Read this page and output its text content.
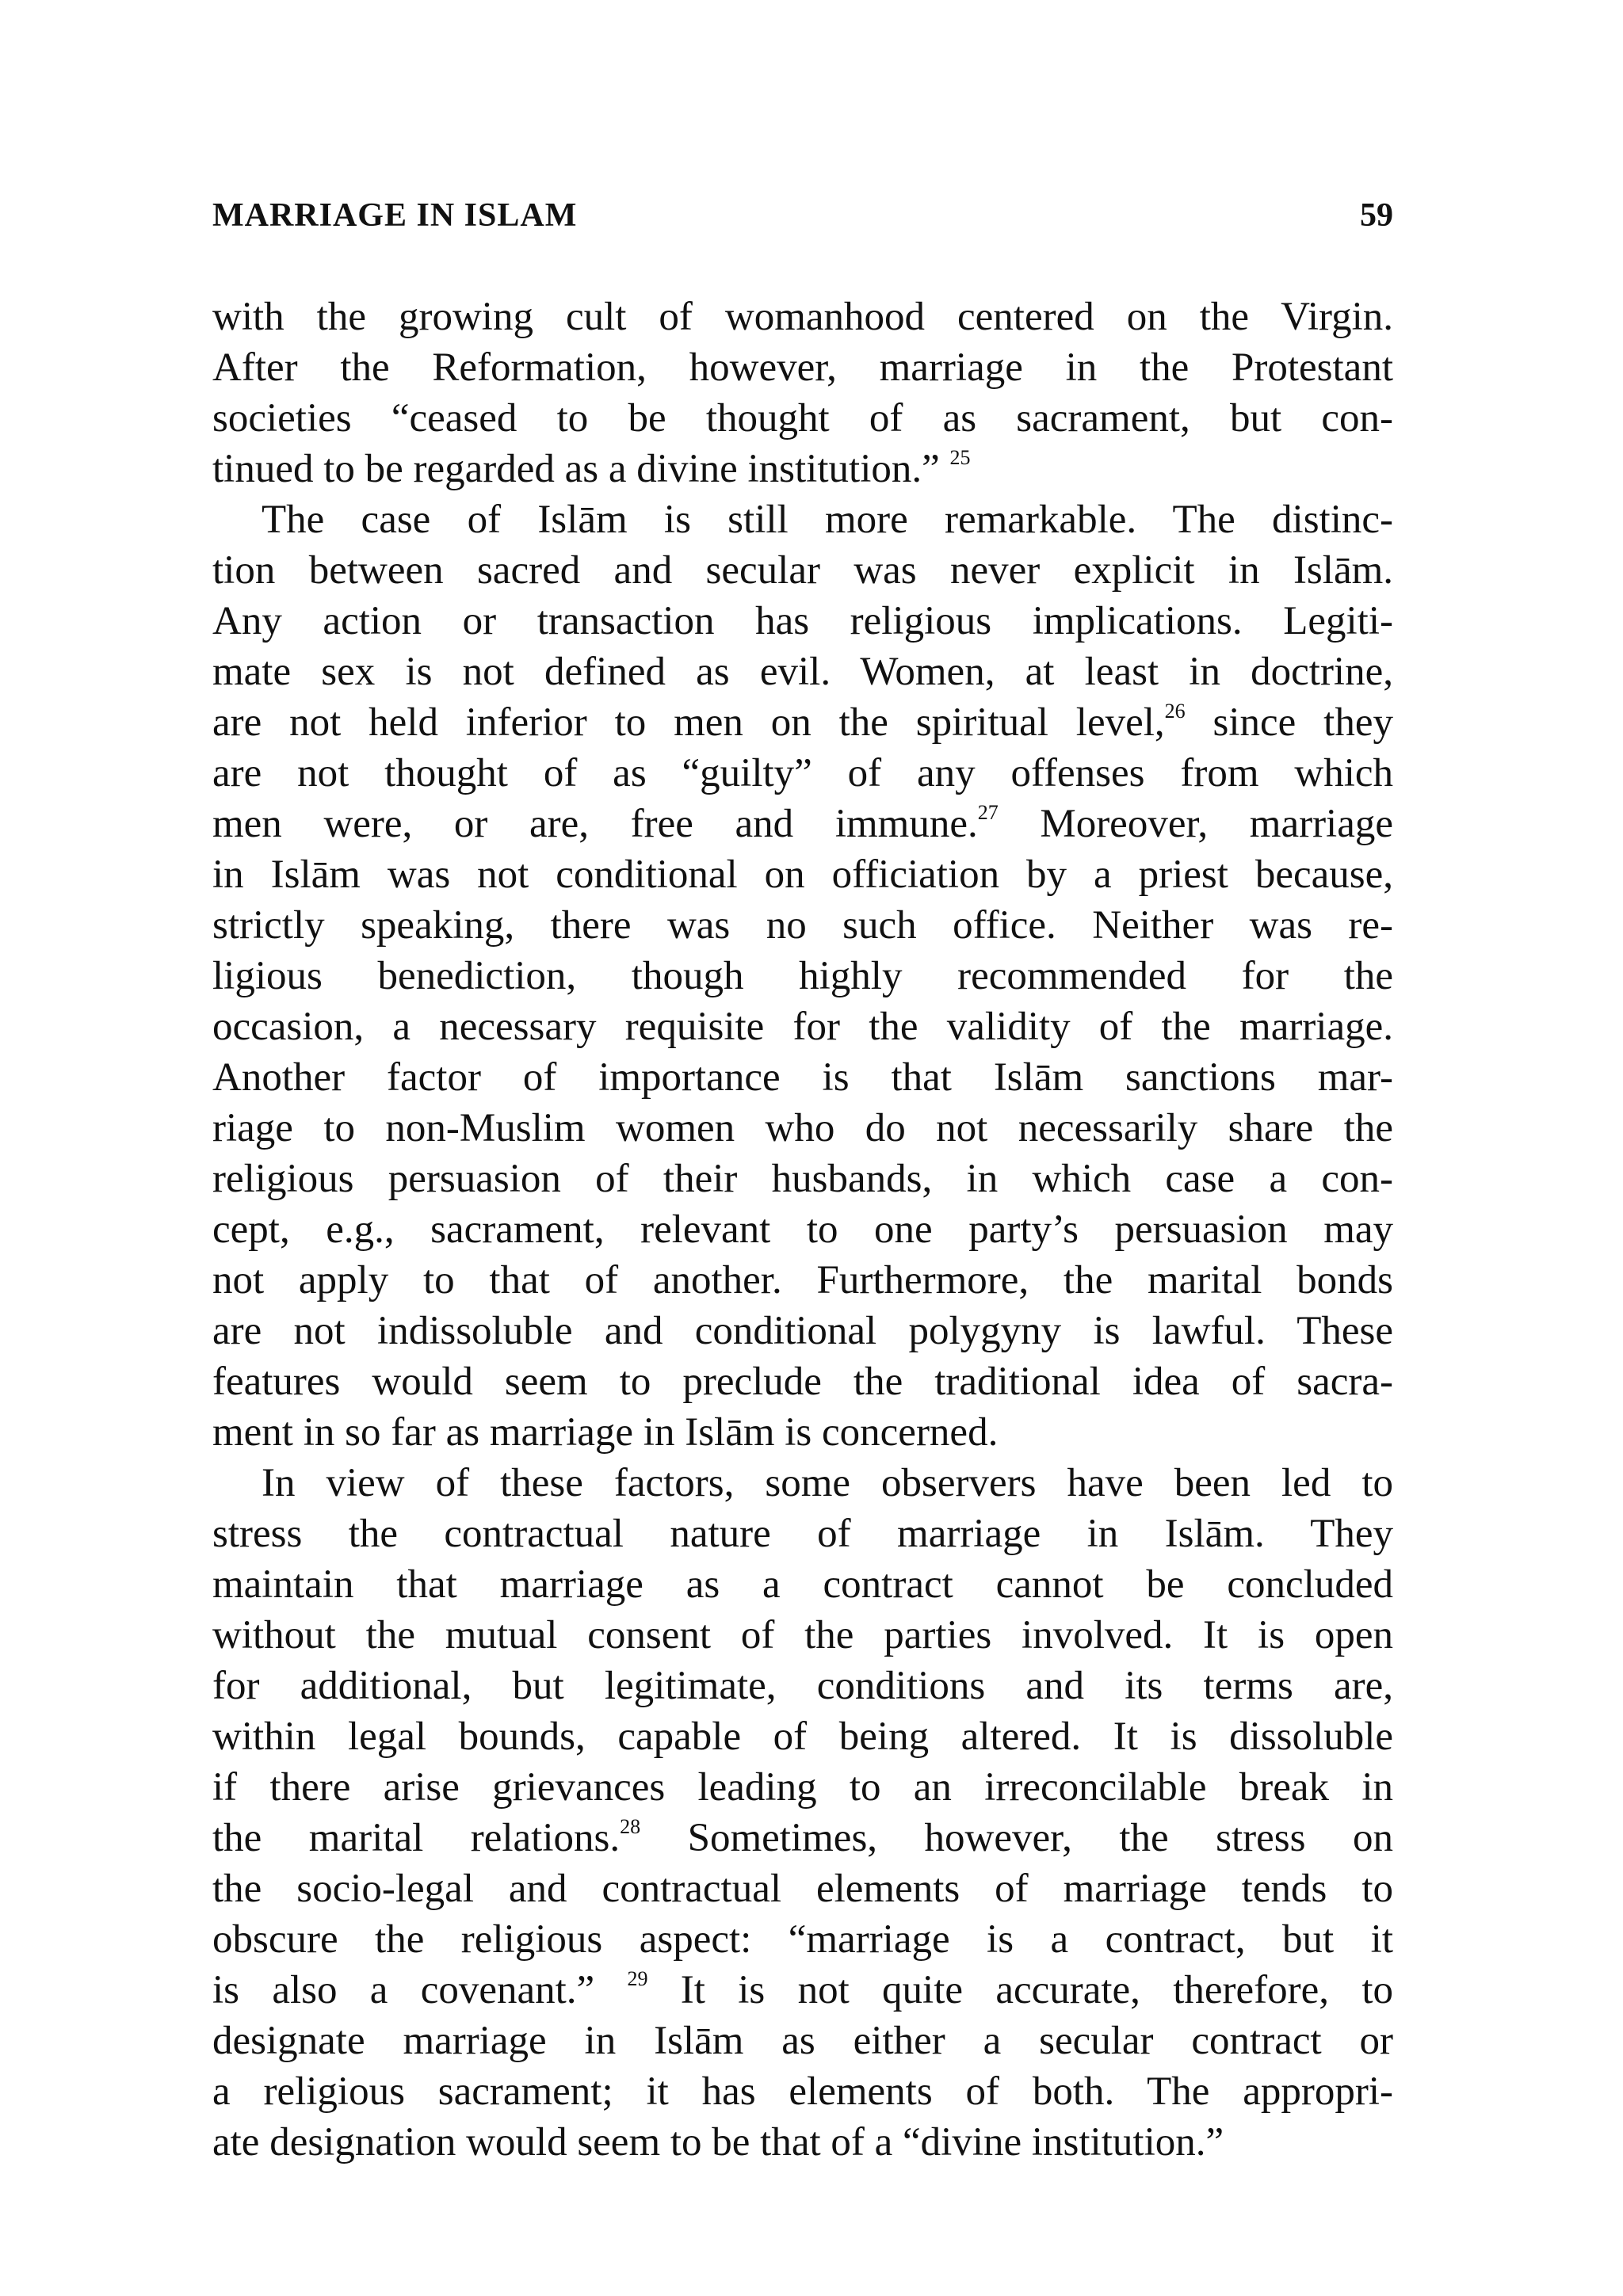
MARRIAGE IN ISLAM	59
with the growing cult of womanhood centered on the Virgin.
After the Reformation, however, marriage in the Protestant
societies “ceased to be thought of as sacrament, but con-
tinued to be regarded as a divine institution.” $^{25}$
The case of Islām is still more remarkable. The distinc-
tion between sacred and secular was never explicit in Islām.
Any action or transaction has religious implications. Legiti-
mate sex is not defined as evil. Women, at least in doctrine,
are not held inferior to men on the spiritual level,$^{26}$ since they
are not thought of as “guilty” of any offenses from which
men were, or are, free and immune.$^{27}$ Moreover, marriage
in Islām was not conditional on officiation by a priest because,
strictly speaking, there was no such office. Neither was re-
ligious benediction, though highly recommended for the
occasion, a necessary requisite for the validity of the marriage.
Another factor of importance is that Islām sanctions mar-
riage to non-Muslim women who do not necessarily share the
religious persuasion of their husbands, in which case a con-
cept, e.g., sacrament, relevant to one party’s persuasion may
not apply to that of another. Furthermore, the marital bonds
are not indissoluble and conditional polygyny is lawful. These
features would seem to preclude the traditional idea of sacra-
ment in so far as marriage in Islām is concerned.
In view of these factors, some observers have been led to
stress the contractual nature of marriage in Islām. They
maintain that marriage as a contract cannot be concluded
without the mutual consent of the parties involved. It is open
for additional, but legitimate, conditions and its terms are,
within legal bounds, capable of being altered. It is dissoluble
if there arise grievances leading to an irreconcilable break in
the marital relations.$^{28}$ Sometimes, however, the stress on
the socio-legal and contractual elements of marriage tends to
obscure the religious aspect: “marriage is a contract, but it
is also a covenant.” $^{29}$ It is not quite accurate, therefore, to
designate marriage in Islām as either a secular contract or
a religious sacrament; it has elements of both. The appropri-
ate designation would seem to be that of a “divine institution.”
